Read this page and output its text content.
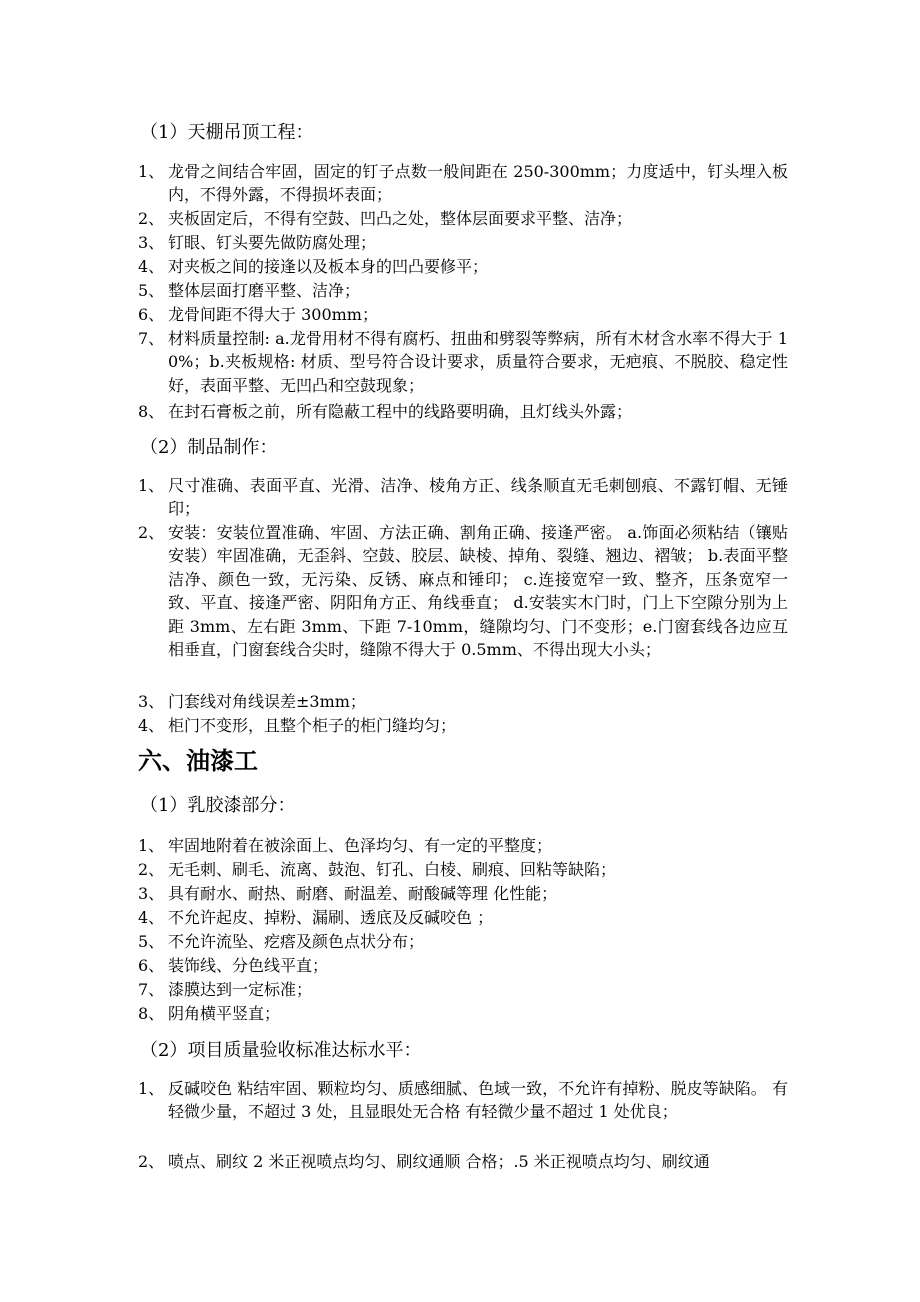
（1）天棚吊顶工程：
1、 龙骨之间结合牢固，固定的钉子点数一般间距在 250-300mm；力度适中，钉头埋入板内，不得外露，不得损坏表面；
2、 夹板固定后，不得有空鼓、凹凸之处，整体层面要求平整、洁净；
3、 钉眼、钉头要先做防腐处理；
4、 对夹板之间的接逢以及板本身的凹凸要修平；
5、 整体层面打磨平整、洁净；
6、 龙骨间距不得大于 300mm；
7、 材料质量控制: a.龙骨用材不得有腐朽、扭曲和劈裂等弊病，所有木材含水率不得大于 10%；b.夹板规格: 材质、型号符合设计要求，质量符合要求，无疤痕、不脱胶、稳定性好，表面平整、无凹凸和空鼓现象；
8、 在封石膏板之前，所有隐蔽工程中的线路要明确，且灯线头外露；
（2）制品制作：
1、 尺寸准确、表面平直、光滑、洁净、棱角方正、线条顺直无毛刺刨痕、不露钉帽、无锤印；
2、 安装：安装位置准确、牢固、方法正确、割角正确、接逢严密。 a.饰面必须粘结（镶贴安装）牢固准确，无歪斜、空鼓、胶层、缺棱、掉角、裂缝、翘边、褶皱； b.表面平整洁净、颜色一致，无污染、反锈、麻点和锤印； c.连接宽窄一致、整齐，压条宽窄一致、平直、接逢严密、阴阳角方正、角线垂直； d.安装实木门时，门上下空隙分别为上距 3mm、左右距 3mm、下距 7-10mm，缝隙均匀、门不变形；e.门窗套线各边应互相垂直，门窗套线合尖时，缝隙不得大于 0.5mm、不得出现大小头；
3、 门套线对角线误差±3mm；
4、 柜门不变形，且整个柜子的柜门缝均匀；
六、油漆工
（1）乳胶漆部分：
1、 牢固地附着在被涂面上、色泽均匀、有一定的平整度；
2、 无毛刺、刷毛、流离、鼓泡、钉孔、白棱、刷痕、回粘等缺陷；
3、 具有耐水、耐热、耐磨、耐温差、耐酸碱等理 化性能；
4、 不允许起皮、掉粉、漏刷、透底及反碱咬色 ；
5、 不允许流坠、疙瘩及颜色点状分布；
6、 装饰线、分色线平直；
7、 漆膜达到一定标准；
8、 阴角横平竖直；
（2）项目质量验收标准达标水平：
1、 反碱咬色 粘结牢固、颗粒均匀、质感细腻、色域一致，不允许有掉粉、脱皮等缺陷。 有轻微少量，不超过 3 处，且显眼处无合格 有轻微少量不超过 1 处优良；
2、 喷点、刷纹 2 米正视喷点均匀、刷纹通顺 合格；.5 米正视喷点均匀、刷纹通
